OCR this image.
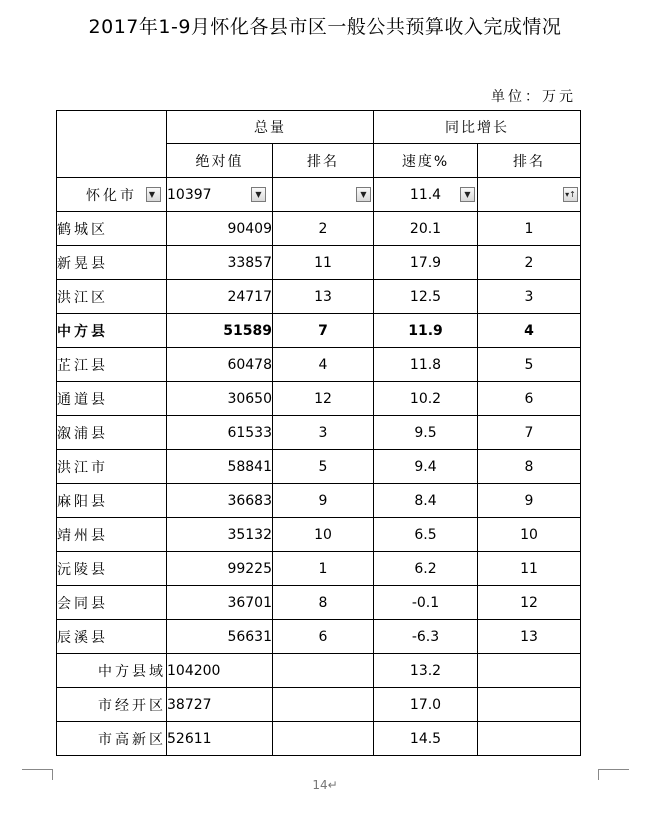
2017年1-9月怀化各县市区一般公共预算收入完成情况
单位：万元
	总量		同比增长	
	绝对值	排名	速度%	排名
怀化市 ▼	10397 ▼	▼	11.4 ▼	▾↑

鹤城区	90409	2	20.1	1
新晃县	33857	11	17.9	2
洪江区	24717	13	12.5	3
中方县	51589	7	11.9	4
芷江县	60478	4	11.8	5
通道县	30650	12	10.2	6
溆浦县	61533	3	9.5	7
洪江市	58841	5	9.4	8
麻阳县	36683	9	8.4	9
靖州县	35132	10	6.5	10
沅陵县	99225	1	6.2	11
会同县	36701	8	-0.1	12
辰溪县	56631	6	-6.3	13
中方县域	104200		13.2	
市经开区	38727		17.0	
市高新区	52611		14.5	
14↵
